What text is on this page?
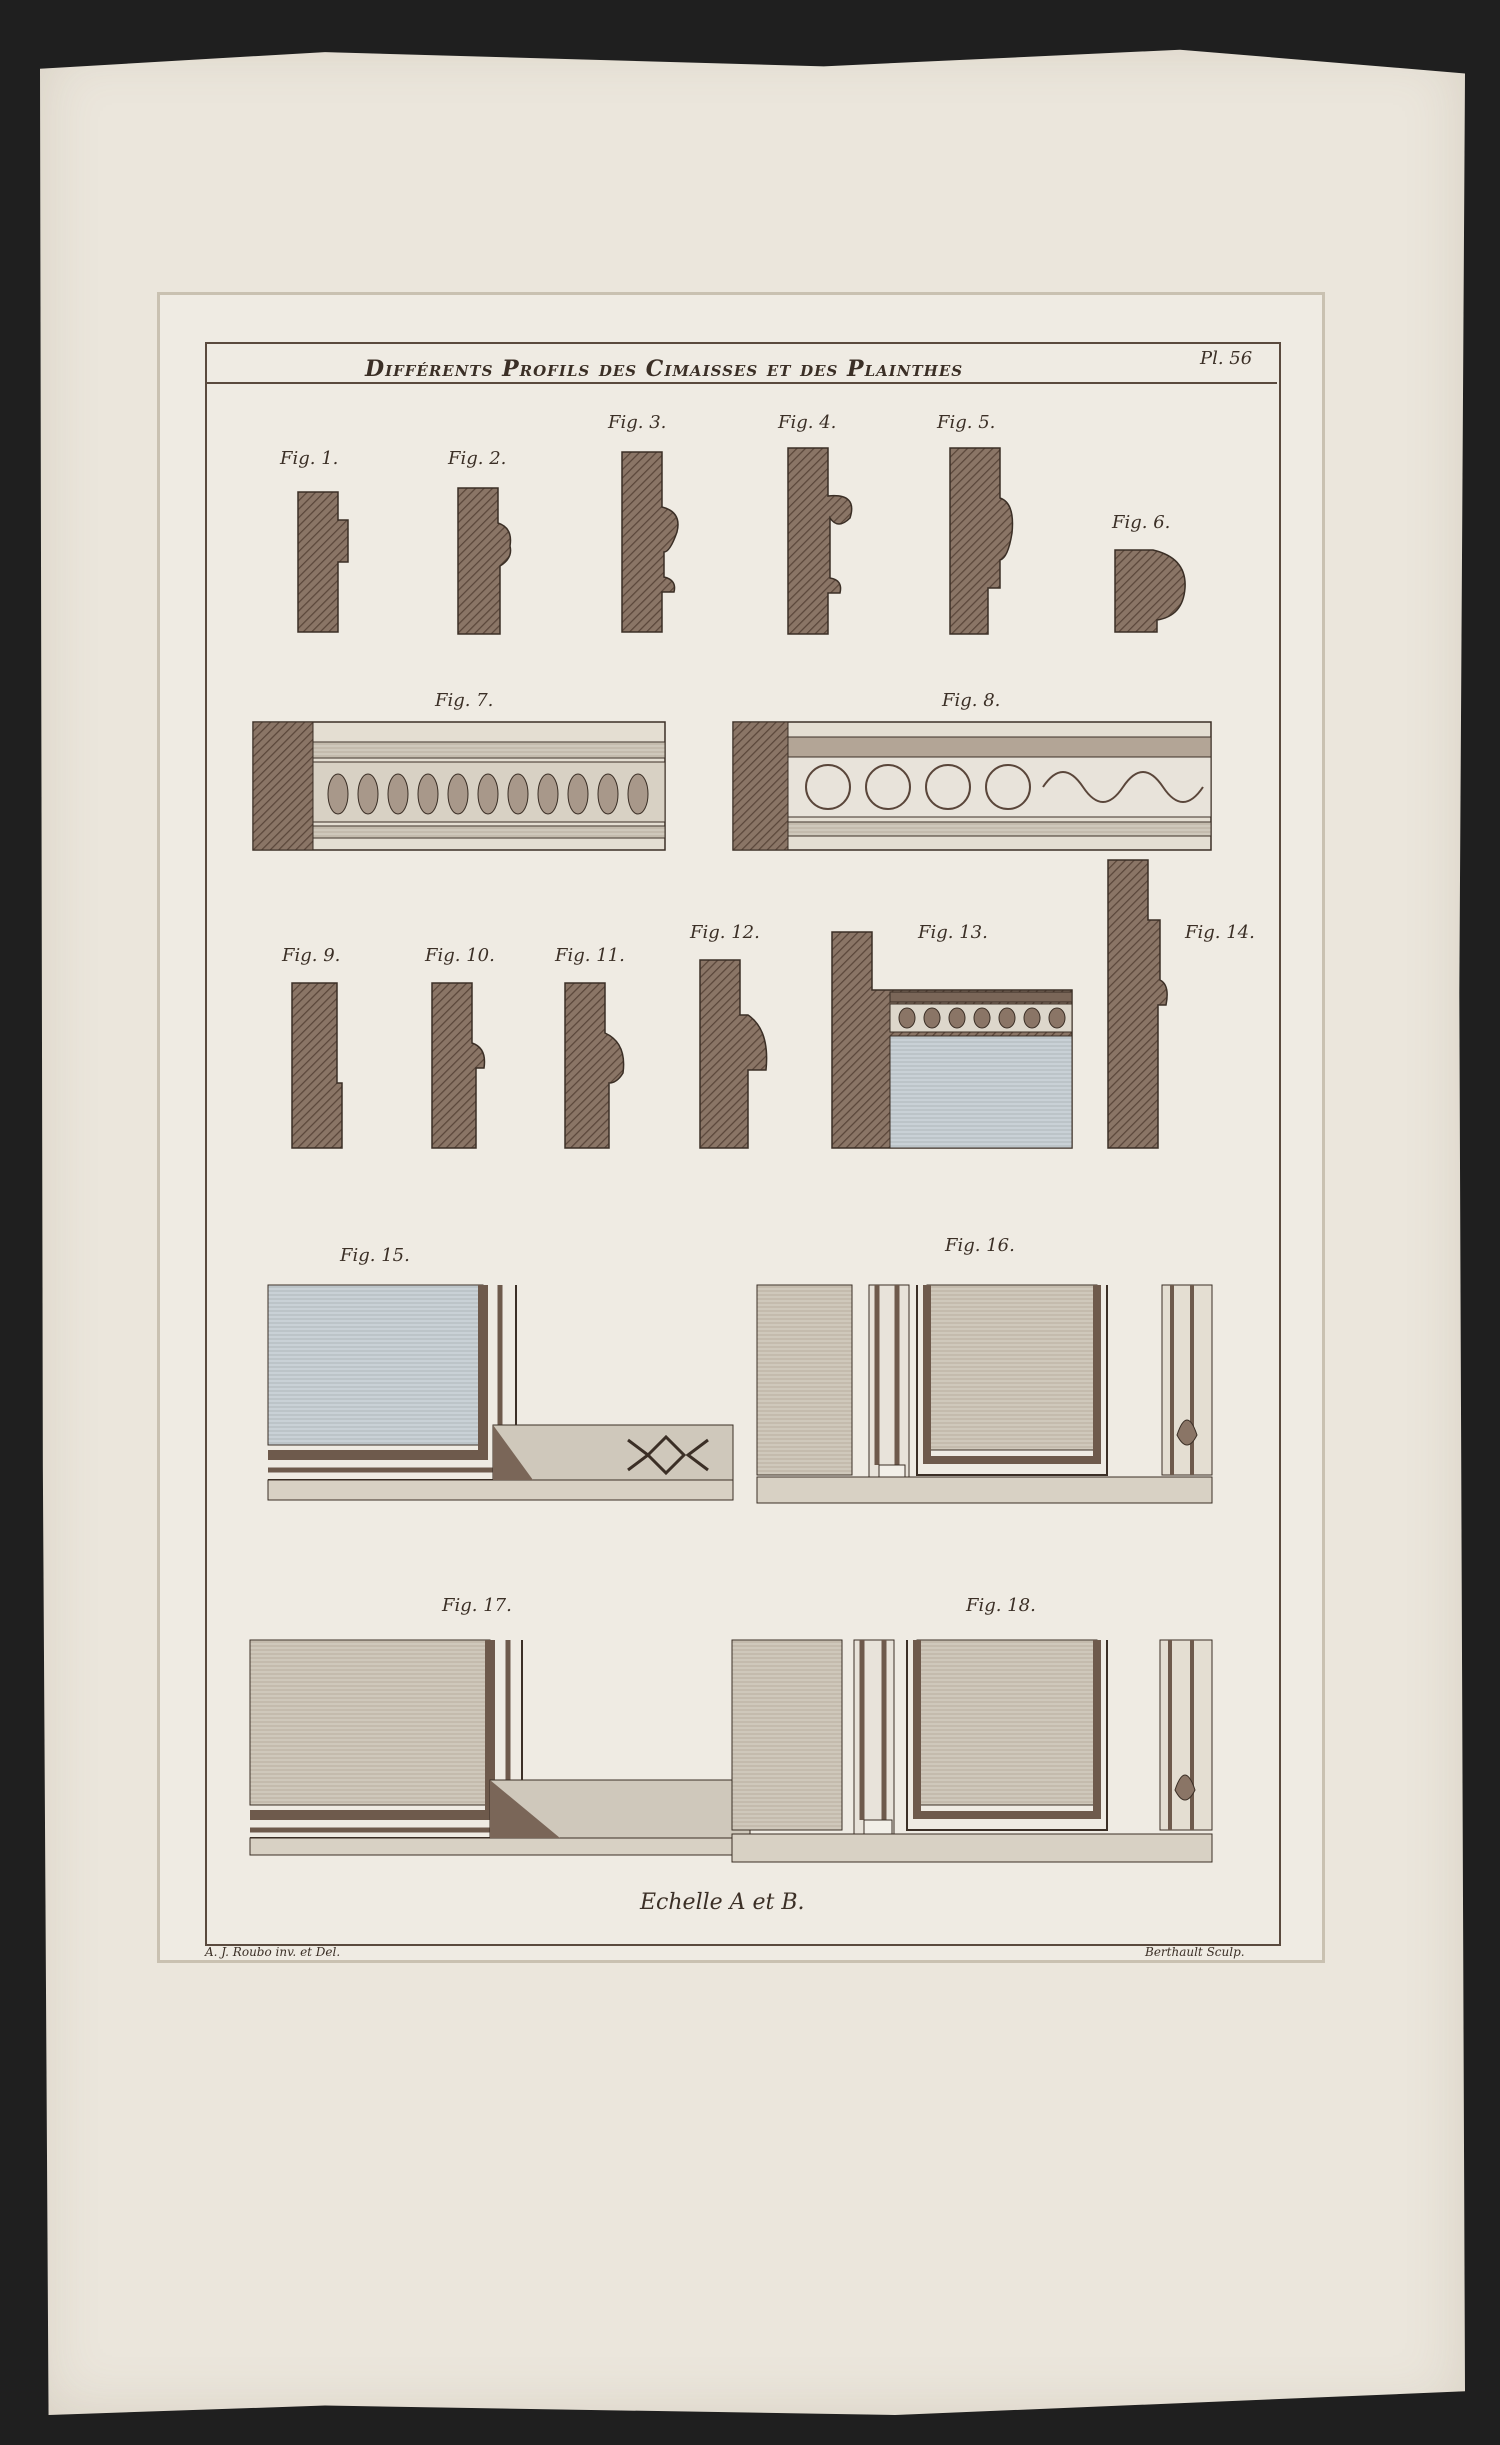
Différents Profils des Cimaisses et des Plainthes	Pl. 56
Echelle A et B.
A. J. Roubo inv. et Del.	Berthault Sculp.
Fig. 1.	Fig. 2.
Fig. 3.	Fig. 4.	Fig. 5.
Fig. 6.
Fig. 7.	Fig. 8.
Fig. 9.	Fig. 10.	Fig. 11.
Fig. 12.	Fig. 13.	Fig. 14.
Fig. 15.	Fig. 16.
Fig. 17.	Fig. 18.
